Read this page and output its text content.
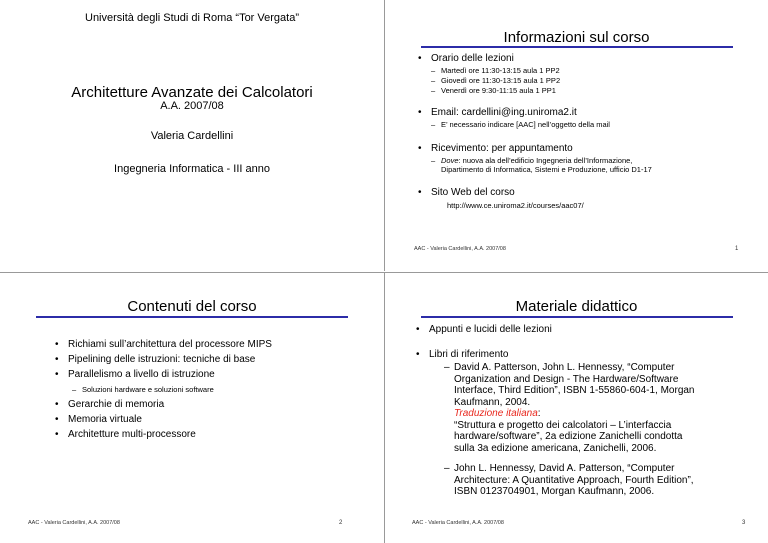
Università degli Studi di Roma “Tor Vergata”
Architetture Avanzate dei Calcolatori
A.A. 2007/08
Valeria Cardellini
Ingegneria Informatica - III anno
Informazioni sul corso
• Orario delle lezioni
– Martedì ore 11:30-13:15 aula 1 PP2
– Giovedì ore 11:30-13:15 aula 1 PP2
– Venerdì ore 9:30-11:15 aula 1 PP1
• Email: cardellini@ing.uniroma2.it
– E’ necessario indicare [AAC] nell’oggetto della mail
• Ricevimento: per appuntamento
– Dove: nuova ala dell’edificio Ingegneria dell’Informazione,
Dipartimento di Informatica, Sistemi e Produzione, ufficio D1-17
• Sito Web del corso
http://www.ce.uniroma2.it/courses/aac07/
AAC - Valeria Cardellini, A.A. 2007/08	1
Contenuti del corso
• Richiami sull’architettura del processore MIPS
• Pipelining delle istruzioni: tecniche di base
• Parallelismo a livello di istruzione
– Soluzioni hardware e soluzioni software
• Gerarchie di memoria
• Memoria virtuale
• Architetture multi-processore
AAC - Valeria Cardellini, A.A. 2007/08	2
Materiale didattico
• Appunti e lucidi delle lezioni
• Libri di riferimento
– David A. Patterson, John L. Hennessy, “Computer
Organization and Design - The Hardware/Software
Interface, Third Edition”, ISBN 1-55860-604-1, Morgan
Kaufmann, 2004.
Traduzione italiana:
“Struttura e progetto dei calcolatori – L’interfaccia
hardware/software”, 2a edizione Zanichelli condotta
sulla 3a edizione americana, Zanichelli, 2006.
– John L. Hennessy, David A. Patterson, “Computer
Architecture: A Quantitative Approach, Fourth Edition”,
ISBN 0123704901, Morgan Kaufmann, 2006.
AAC - Valeria Cardellini, A.A. 2007/08	3
